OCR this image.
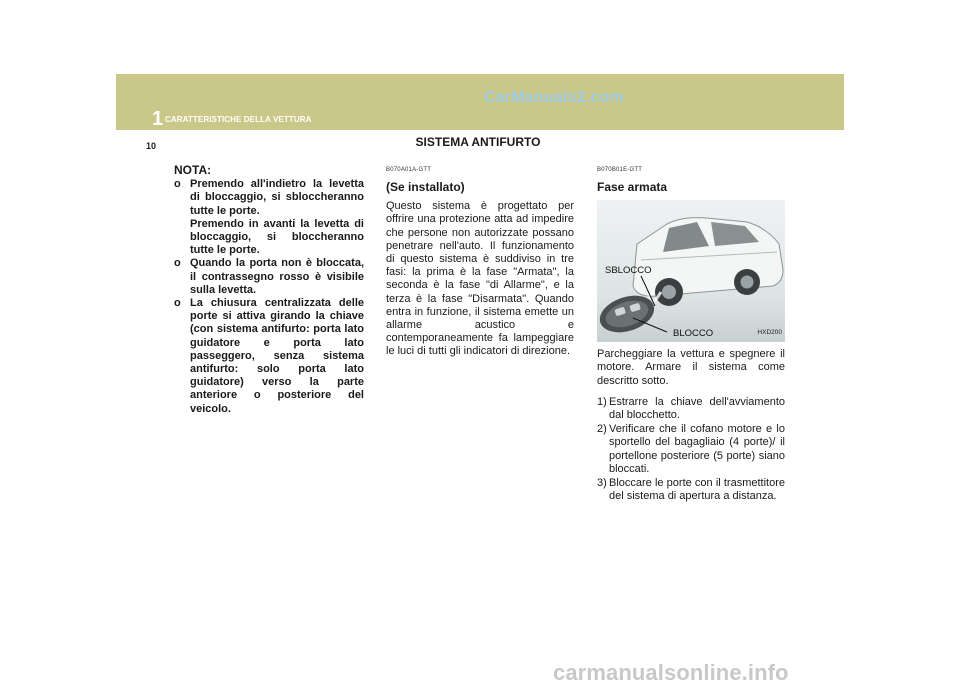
1 CARATTERISTICHE DELLA VETTURA
CarManuals2.com
10	SISTEMA ANTIFURTO
NOTA:
o Premendo all'indietro la levetta di bloccaggio, si sbloccheranno tutte le porte.
Premendo in avanti la levetta di bloccaggio, si bloccheranno tutte le porte.
o Quando la porta non è bloccata, il contrassegno rosso è visibile sulla levetta.
o La chiusura centralizzata delle porte si attiva girando la chiave (con sistema antifurto: porta lato guidatore e porta lato passeggero, senza sistema antifurto: solo porta lato guidatore) verso la parte anteriore o posteriore del veicolo.
B070A01A-GTT
(Se installato)

Questo sistema è progettato per offrire una protezione atta ad impedire che persone non autorizzate possano penetrare nell'auto. Il funzionamento di questo sistema è suddiviso in tre fasi: la prima è la fase "Armata", la seconda è la fase "di Allarme", e la terza è la fase "Disarmata". Quando entra in funzione, il sistema emette un allarme acustico e contemporaneamente fa lampeggiare le luci di tutti gli indicatori di direzione.

B070B01E-GTT
Fase armata
SBLOCCO
BLOCCO	HXD200

Parcheggiare la vettura e spegnere il motore. Armare il sistema come descritto sotto.

1) Estrarre la chiave dell'avviamento dal blocchetto.
2) Verificare che il cofano motore e lo sportello del bagagliaio (4 porte)/ il portellone posteriore (5 porte) siano bloccati.
3) Bloccare le porte con il trasmettitore del sistema di apertura a distanza.
carmanualsonline.info
